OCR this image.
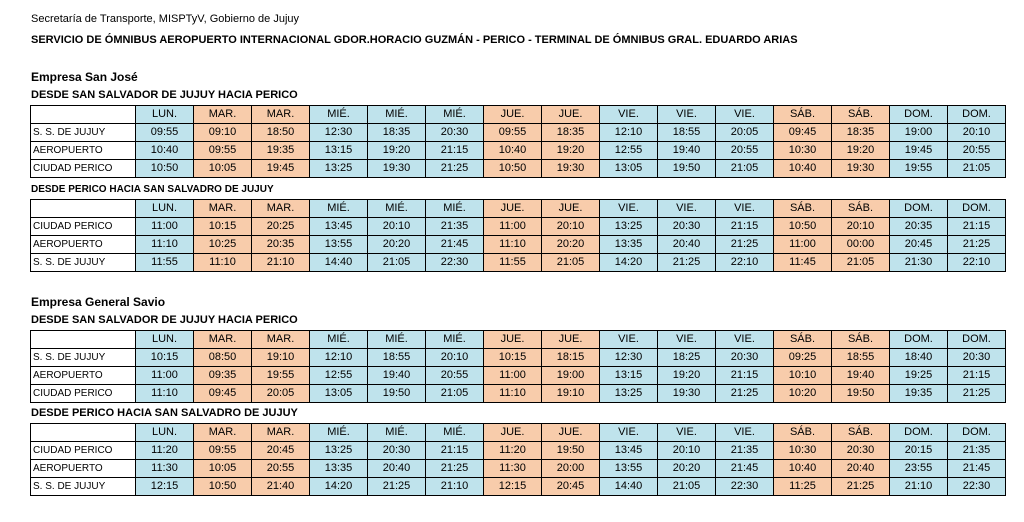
Secretaría de Transporte, MISPTyV, Gobierno de Jujuy
SERVICIO DE ÓMNIBUS AEROPUERTO INTERNACIONAL GDOR.HORACIO GUZMÁN - PERICO - TERMINAL DE ÓMNIBUS GRAL. EDUARDO ARIAS
Empresa San José
DESDE SAN SALVADOR DE JUJUY HACIA PERICO
	LUN.	MAR.	MAR.	MIÉ.	MIÉ.	MIÉ.	JUE.	JUE.	VIE.	VIE.	VIE.	SÁB.	SÁB.	DOM.	DOM.
S. S. DE JUJUY	09:55	09:10	18:50	12:30	18:35	20:30	09:55	18:35	12:10	18:55	20:05	09:45	18:35	19:00	20:10
AEROPUERTO	10:40	09:55	19:35	13:15	19:20	21:15	10:40	19:20	12:55	19:40	20:55	10:30	19:20	19:45	20:55
CIUDAD PERICO	10:50	10:05	19:45	13:25	19:30	21:25	10:50	19:30	13:05	19:50	21:05	10:40	19:30	19:55	21:05
DESDE PERICO HACIA SAN SALVADRO DE JUJUY
	LUN.	MAR.	MAR.	MIÉ.	MIÉ.	MIÉ.	JUE.	JUE.	VIE.	VIE.	VIE.	SÁB.	SÁB.	DOM.	DOM.
CIUDAD PERICO	11:00	10:15	20:25	13:45	20:10	21:35	11:00	20:10	13:25	20:30	21:15	10:50	20:10	20:35	21:15
AEROPUERTO	11:10	10:25	20:35	13:55	20:20	21:45	11:10	20:20	13:35	20:40	21:25	11:00	00:00	20:45	21:25
S. S. DE JUJUY	11:55	11:10	21:10	14:40	21:05	22:30	11:55	21:05	14:20	21:25	22:10	11:45	21:05	21:30	22:10
Empresa General Savio
DESDE SAN SALVADOR DE JUJUY HACIA PERICO
	LUN.	MAR.	MAR.	MIÉ.	MIÉ.	MIÉ.	JUE.	JUE.	VIE.	VIE.	VIE.	SÁB.	SÁB.	DOM.	DOM.
S. S. DE JUJUY	10:15	08:50	19:10	12:10	18:55	20:10	10:15	18:15	12:30	18:25	20:30	09:25	18:55	18:40	20:30
AEROPUERTO	11:00	09:35	19:55	12:55	19:40	20:55	11:00	19:00	13:15	19:20	21:15	10:10	19:40	19:25	21:15
CIUDAD PERICO	11:10	09:45	20:05	13:05	19:50	21:05	11:10	19:10	13:25	19:30	21:25	10:20	19:50	19:35	21:25
DESDE PERICO HACIA SAN SALVADRO DE JUJUY
	LUN.	MAR.	MAR.	MIÉ.	MIÉ.	MIÉ.	JUE.	JUE.	VIE.	VIE.	VIE.	SÁB.	SÁB.	DOM.	DOM.
CIUDAD PERICO	11:20	09:55	20:45	13:25	20:30	21:15	11:20	19:50	13:45	20:10	21:35	10:30	20:30	20:15	21:35
AEROPUERTO	11:30	10:05	20:55	13:35	20:40	21:25	11:30	20:00	13:55	20:20	21:45	10:40	20:40	23:55	21:45
S. S. DE JUJUY	12:15	10:50	21:40	14:20	21:25	21:10	12:15	20:45	14:40	21:05	22:30	11:25	21:25	21:10	22:30
